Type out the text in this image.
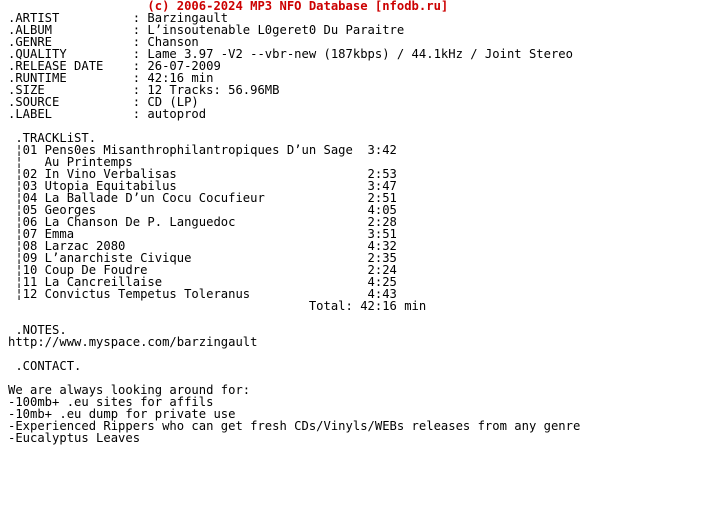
(c) 2006-2024 MP3 NFO Database [nfodb.ru]
.ARTIST          : Barzingault
.ALBUM           : L’insoutenable L0geret0 Du Paraitre
.GENRE           : Chanson
.QUALITY         : Lame 3.97 -V2 --vbr-new (187kbps) / 44.1kHz / Joint Stereo
.RELEASE DATE    : 26-07-2009
.RUNTIME         : 42:16 min
.SIZE            : 12 Tracks: 56.96MB
.SOURCE          : CD (LP)
.LABEL           : autoprod
.TRACKLiST.
¦01 Pens0es Misanthrophilantropiques D’un Sage  3:42
¦   Au Printemps
¦02 In Vino Verbalisas                          2:53
¦03 Utopia Equitabilus                          3:47
¦04 La Ballade D’un Cocu Cocufieur              2:51
¦05 Georges                                     4:05
¦06 La Chanson De P. Languedoc                  2:28
¦07 Emma                                        3:51
¦08 Larzac 2080                                 4:32
¦09 L’anarchiste Civique                        2:35
¦10 Coup De Foudre                              2:24
¦11 La Cancreillaise                            4:25
¦12 Convictus Tempetus Toleranus                4:43
Total: 42:16 min
.NOTES.
http://www.myspace.com/barzingault
.CONTACT.
We are always looking around for:
-100mb+ .eu sites for affils
-10mb+ .eu dump for private use
-Experienced Rippers who can get fresh CDs/Vinyls/WEBs releases from any genre
-Eucalyptus Leaves
